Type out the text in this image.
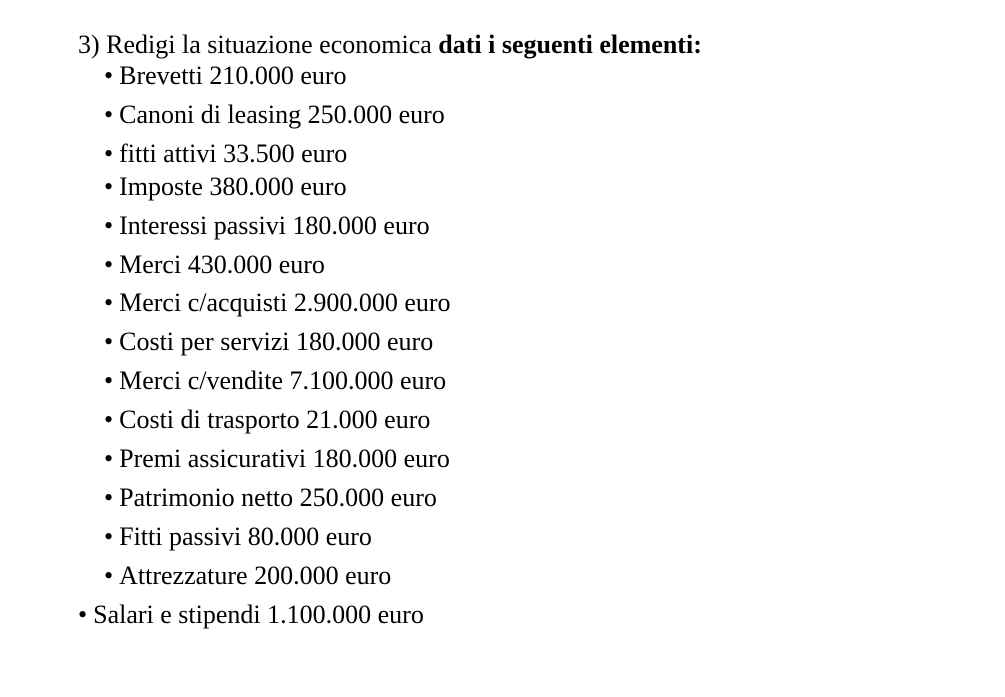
3) Redigi la situazione economica dati i seguenti elementi:
• Brevetti 210.000 euro
• Canoni di leasing 250.000 euro
• fitti attivi 33.500 euro
• Imposte 380.000 euro
• Interessi passivi 180.000 euro
• Merci 430.000 euro
• Merci c/acquisti 2.900.000 euro
• Costi per servizi 180.000 euro
• Merci c/vendite 7.100.000 euro
• Costi di trasporto 21.000 euro
• Premi assicurativi 180.000 euro
• Patrimonio netto 250.000 euro
• Fitti passivi 80.000 euro
• Attrezzature 200.000 euro
• Salari e stipendi 1.100.000 euro
